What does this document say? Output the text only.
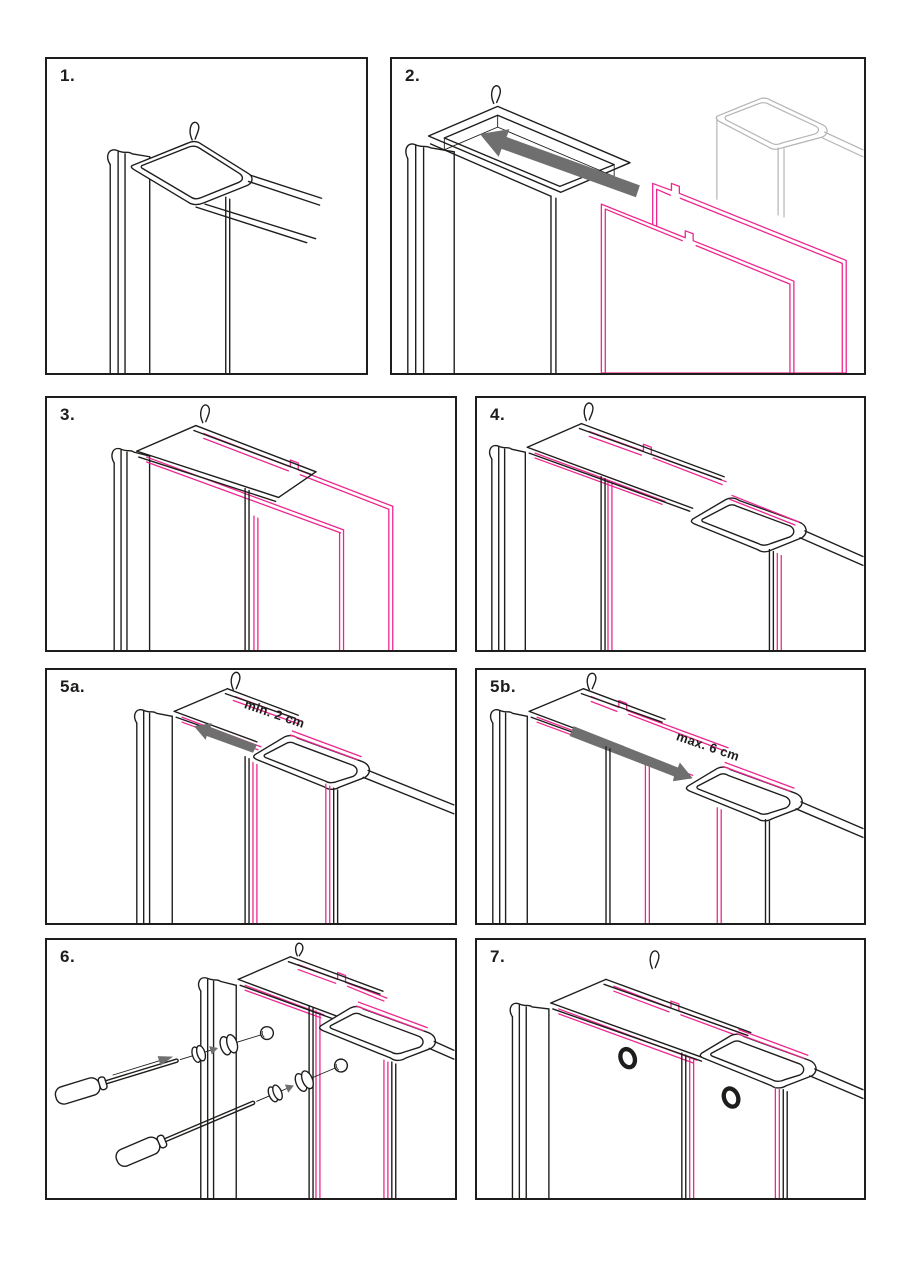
1.	2.
3.	4.
5a.
min. 2 cm
5b.
max. 6 cm
6.	7.
